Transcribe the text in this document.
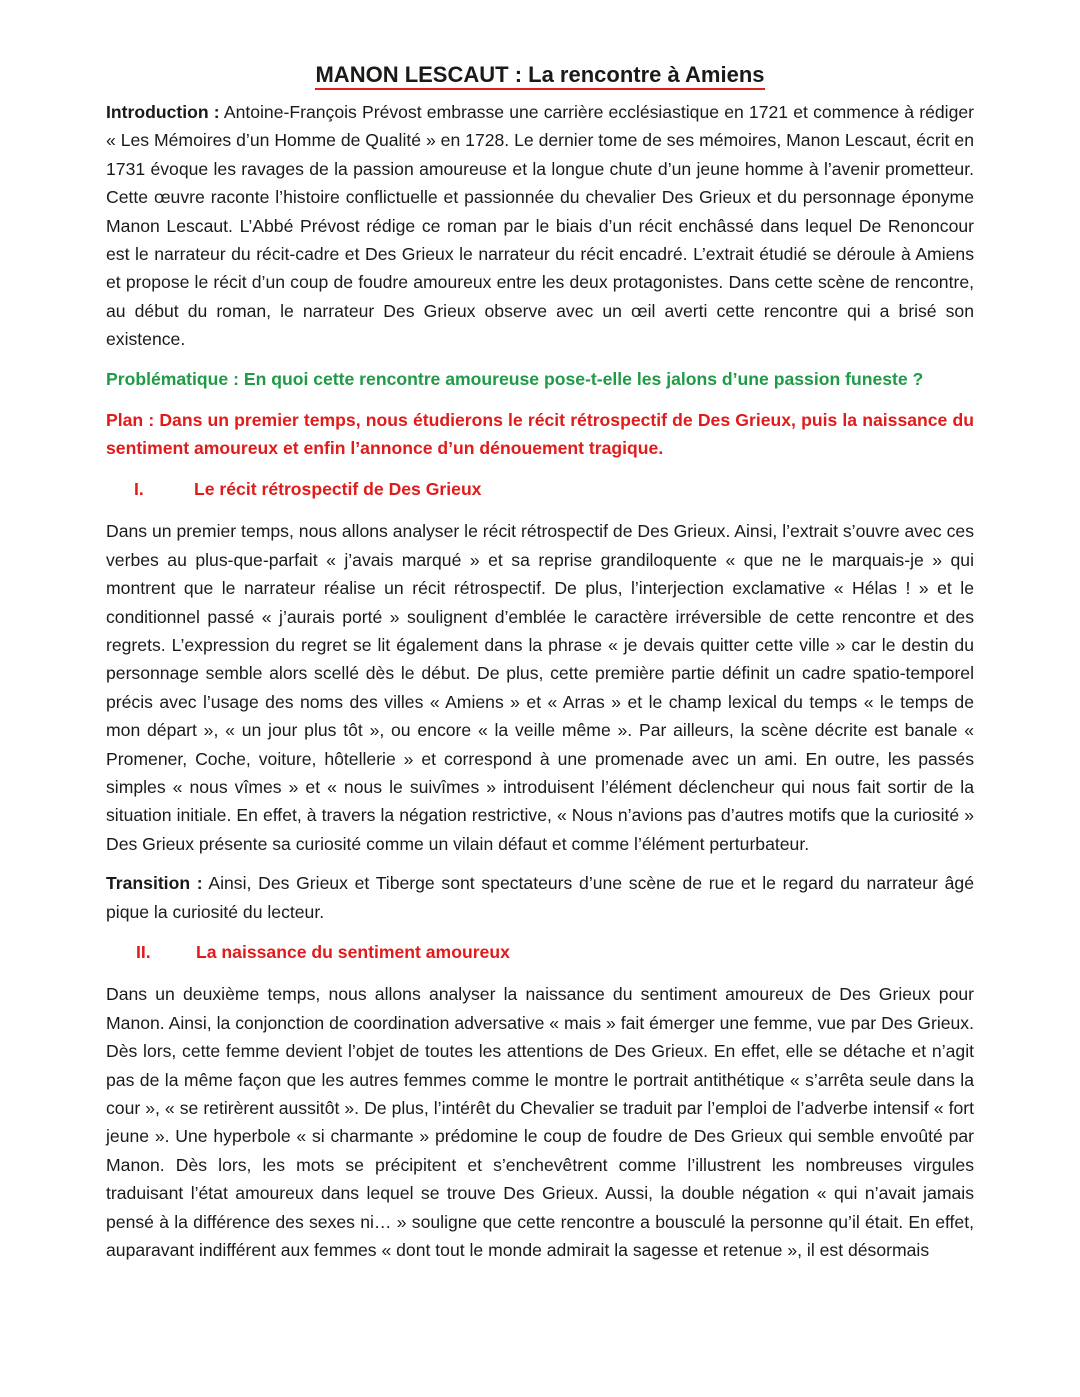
MANON LESCAUT : La rencontre à Amiens

Introduction : Antoine-François Prévost embrasse une carrière ecclésiastique en 1721 et commence à rédiger « Les Mémoires d’un Homme de Qualité » en 1728. Le dernier tome de ses mémoires, Manon Lescaut, écrit en 1731 évoque les ravages de la passion amoureuse et la longue chute d’un jeune homme à l’avenir prometteur. Cette œuvre raconte l’histoire conflictuelle et passionnée du chevalier Des Grieux et du personnage éponyme Manon Lescaut. L’Abbé Prévost rédige ce roman par le biais d’un récit enchâssé dans lequel De Renoncour est le narrateur du récit-cadre et Des Grieux le narrateur du récit encadré. L’extrait étudié se déroule à Amiens et propose le récit d’un coup de foudre amoureux entre les deux protagonistes. Dans cette scène de rencontre, au début du roman, le narrateur Des Grieux observe avec un œil averti cette rencontre qui a brisé son existence.

Problématique : En quoi cette rencontre amoureuse pose-t-elle les jalons d’une passion funeste ?

Plan : Dans un premier temps, nous étudierons le récit rétrospectif de Des Grieux, puis la naissance du sentiment amoureux et enfin l’annonce d’un dénouement tragique.

I.	Le récit rétrospectif de Des Grieux

Dans un premier temps, nous allons analyser le récit rétrospectif de Des Grieux. Ainsi, l’extrait s’ouvre avec ces verbes au plus-que-parfait « j’avais marqué » et sa reprise grandiloquente « que ne le marquais-je » qui montrent que le narrateur réalise un récit rétrospectif. De plus, l’interjection exclamative « Hélas ! » et le conditionnel passé « j’aurais porté » soulignent d’emblée le caractère irréversible de cette rencontre et des regrets. L’expression du regret se lit également dans la phrase « je devais quitter cette ville » car le destin du personnage semble alors scellé dès le début. De plus, cette première partie définit un cadre spatio-temporel précis avec l’usage des noms des villes « Amiens » et « Arras » et le champ lexical du temps « le temps de mon départ », « un jour plus tôt », ou encore « la veille même ». Par ailleurs, la scène décrite est banale « Promener, Coche, voiture, hôtellerie » et correspond à une promenade avec un ami. En outre, les passés simples « nous vîmes » et « nous le suivîmes » introduisent l’élément déclencheur qui nous fait sortir de la situation initiale. En effet, à travers la négation restrictive, « Nous n’avions pas d’autres motifs que la curiosité » Des Grieux présente sa curiosité comme un vilain défaut et comme l’élément perturbateur.

Transition : Ainsi, Des Grieux et Tiberge sont spectateurs d’une scène de rue et le regard du narrateur âgé pique la curiosité du lecteur.

II.	La naissance du sentiment amoureux

Dans un deuxième temps, nous allons analyser la naissance du sentiment amoureux de Des Grieux pour Manon. Ainsi, la conjonction de coordination adversative « mais » fait émerger une femme, vue par Des Grieux. Dès lors, cette femme devient l’objet de toutes les attentions de Des Grieux. En effet, elle se détache et n’agit pas de la même façon que les autres femmes comme le montre le portrait antithétique « s’arrêta seule dans la cour », « se retirèrent aussitôt ». De plus, l’intérêt du Chevalier se traduit par l’emploi de l’adverbe intensif « fort jeune ». Une hyperbole « si charmante » prédomine le coup de foudre de Des Grieux qui semble envoûté par Manon. Dès lors, les mots se précipitent et s’enchevêtrent comme l’illustrent les nombreuses virgules traduisant l’état amoureux dans lequel se trouve Des Grieux. Aussi, la double négation « qui n’avait jamais pensé à la différence des sexes ni… » souligne que cette rencontre a bousculé la personne qu’il était. En effet, auparavant indifférent aux femmes « dont tout le monde admirait la sagesse et retenue », il est désormais
